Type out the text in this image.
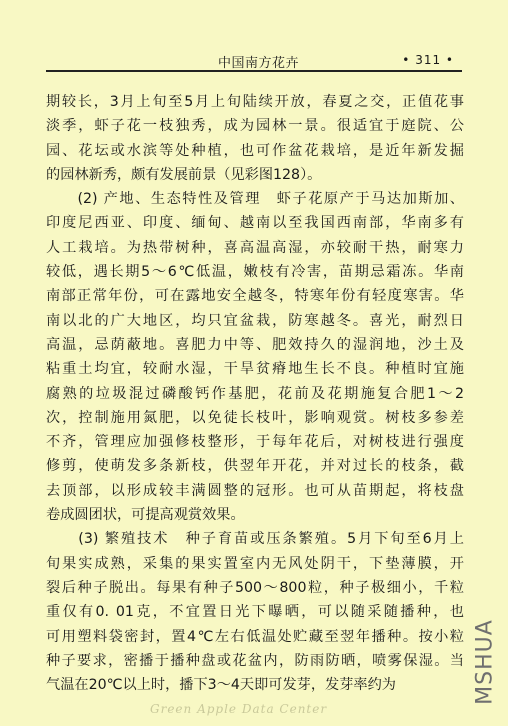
中国南方花卉	• 311 •
期较长，3月上旬至5月上旬陆续开放，春夏之交，正值花事
淡季，虾子花一枝独秀，成为园林一景。很适宜于庭院、公
园、花坛或水滨等处种植，也可作盆花栽培，是近年新发掘
的园林新秀，颇有发展前景（见彩图128）。
　　(2) 产地、生态特性及管理　虾子花原产于马达加斯加、
印度尼西亚、印度、缅甸、越南以至我国西南部，华南多有
人工栽培。为热带树种，喜高温高湿，亦较耐干热，耐寒力
较低，遇长期5～6℃低温，嫩枝有冷害，苗期忌霜冻。华南
南部正常年份，可在露地安全越冬，特寒年份有轻度寒害。华
南以北的广大地区，均只宜盆栽，防寒越冬。喜光，耐烈日
高温，忌荫蔽地。喜肥力中等、肥效持久的湿润地，沙土及
粘重土均宜，较耐水湿，干旱贫瘠地生长不良。种植时宜施
腐熟的垃圾混过磷酸钙作基肥，花前及花期施复合肥1～2
次，控制施用氮肥，以免徒长枝叶，影响观赏。树枝多参差
不齐，管理应加强修枝整形，于每年花后，对树枝进行强度
修剪，使萌发多条新枝，供翌年开花，并对过长的枝条，截
去顶部，以形成较丰满圆整的冠形。也可从苗期起，将枝盘
卷成圆团状，可提高观赏效果。
　　(3) 繁殖技术　种子育苗或压条繁殖。5月下旬至6月上
旬果实成熟，采集的果实置室内无风处阴干，下垫薄膜，开
裂后种子脱出。每果有种子500～800粒，种子极细小，千粒
重仅有0. 01克，不宜置日光下曝晒，可以随采随播种，也
可用塑料袋密封，置4℃左右低温处贮藏至翌年播种。按小粒
种子要求，密播于播种盘或花盆内，防雨防晒，喷雾保湿。当
气温在20℃以上时，播下3～4天即可发芽，发芽率约为
Green Apple Data Center
MSHUA
